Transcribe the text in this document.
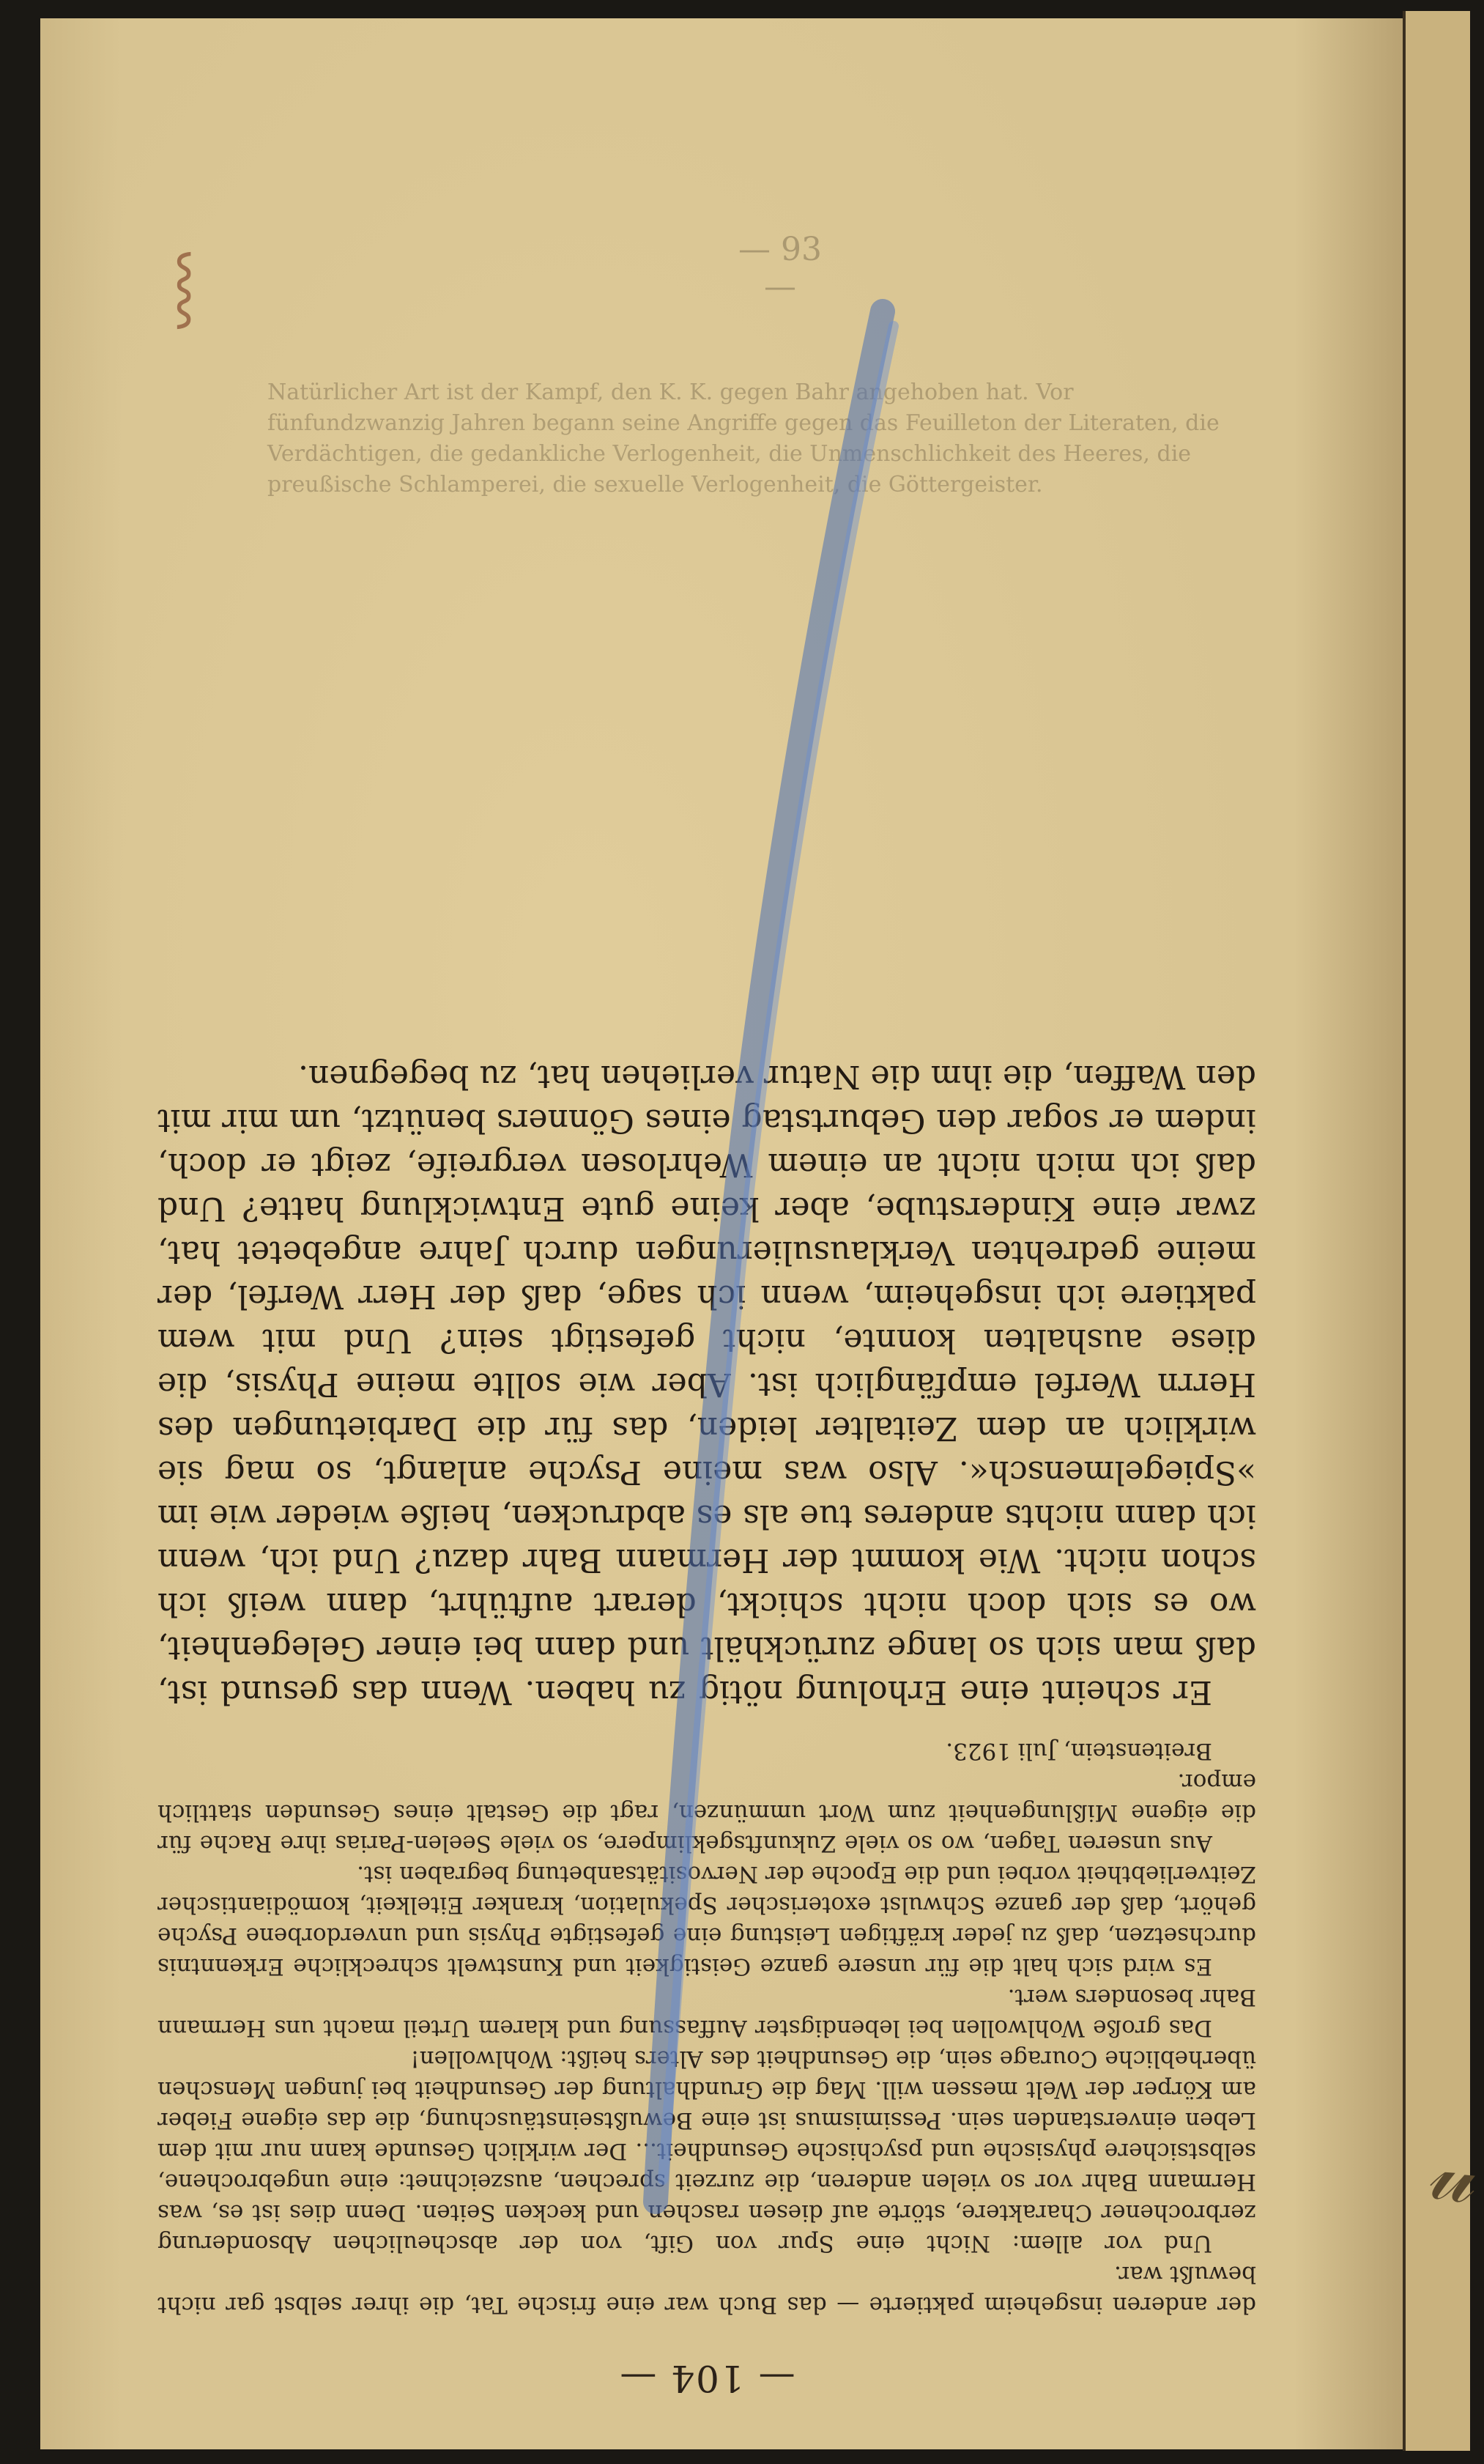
⸾	— 93 —
Natürlicher Art ist der Kampf, den K. K. gegen Bahr angehoben hat. Vor fünfundzwanzig Jahren begann seine Angriffe gegen das Feuilleton der Literaten, die Verdächtigen, die gedankliche Verlogenheit, die Unmenschlichkeit des Heeres, die preußische Schlamperei, die sexuelle Verlogenheit, die Göttergeister.
— 104 —

der anderen insgeheim paktierte — das Buch war eine frische Tat, die ihrer selbst gar nicht bewußt war.

Und vor allem: Nicht eine Spur von Gift, von der abscheulichen Absonderung zerbrochener Charaktere, störte auf diesen raschen und kecken Seiten. Denn dies ist es, was Hermann Bahr vor so vielen anderen, die zurzeit sprechen, auszeichnet: eine ungebrochene, selbstsichere physische und psychische Gesundheit... Der wirklich Gesunde kann nur mit dem Leben einverstanden sein. Pessimismus ist eine Bewußtseinstäuschung, die das eigene Fieber am Körper der Welt messen will. Mag die Grundhaltung der Gesundheit bei jungen Menschen überhebliche Courage sein, die Gesundheit des Alters heißt: Wohlwollen!

Das große Wohlwollen bei lebendigster Auffassung und klarem Urteil macht uns Hermann Bahr besonders wert.

Es wird sich halt die für unsere ganze Geistigkeit und Kunstwelt schreckliche Erkenntnis durchsetzen, daß zu jeder kräftigen Leistung eine gefestigte Physis und unverdorbene Psyche gehört, daß der ganze Schwulst exoterischer Spekulation, kranker Eitelkeit, komödiantischer Zeitverliebtheit vorbei und die Epoche der Nervositätsanbetung begraben ist.

Aus unseren Tagen, wo so viele Zukunftsgeklimpere, so viele Seelen-Parias ihre Rache für die eigene Mißlungenheit zum Wort ummünzen, ragt die Gestalt eines Gesunden stattlich empor.

Breitenstein, Juli 1923.

Er scheint eine Erholung nötig zu haben. Wenn das gesund ist, daß man sich so lange zurückhält und dann bei einer Gelegenheit, wo es sich doch nicht schickt, derart auftührt, dann weiß ich schon nicht. Wie kommt der Hermann Bahr dazu? Und ich, wenn ich dann nichts anderes tue als es abdrucken, heiße wieder wie im »Spiegelmensch«. Also was meine Psyche anlangt, so mag sie wirklich an dem Zeitalter leiden, das für die Darbietungen des Herrn Werfel empfänglich ist. Aber wie sollte meine Physis, die diese aushalten konnte, nicht gefestigt sein? Und mit wem paktiere ich insgeheim, wenn ich sage, daß der Herr Werfel, der meine gedrehten Verklausulierungen durch Jahre angebetet hat, zwar eine Kinderstube, aber keine gute Entwicklung hatte? Und daß ich mich nicht an einem Wehrlosen vergreife, zeigt er doch, indem er sogar den Geburtstag eines Gönners benützt, um mir mit den Waffen, die ihm die Natur verliehen hat, zu begegnen.

𝓊
